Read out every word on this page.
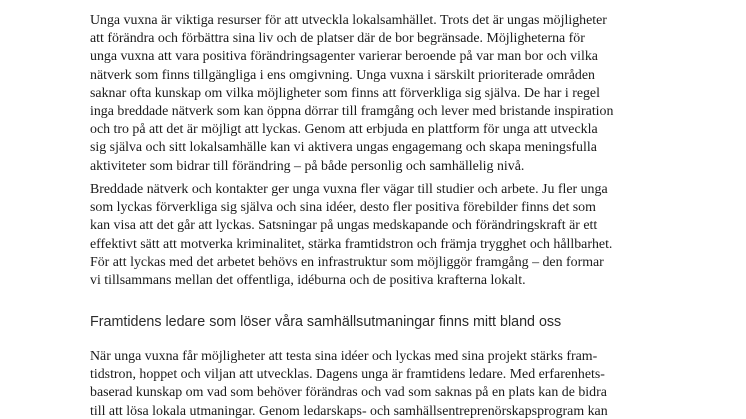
Unga vuxna är viktiga resurser för att utveckla lokalsamhället. Trots det är ungas möjligheter
att förändra och förbättra sina liv och de platser där de bor begränsade. Möjligheterna för
unga vuxna att vara positiva förändringsagenter varierar beroende på var man bor och vilka
nätverk som finns tillgängliga i ens omgivning. Unga vuxna i särskilt prioriterade områden
saknar ofta kunskap om vilka möjligheter som finns att förverkliga sig själva. De har i regel
inga breddade nätverk som kan öppna dörrar till framgång och lever med bristande inspiration
och tro på att det är möjligt att lyckas. Genom att erbjuda en plattform för unga att utveckla
sig själva och sitt lokalsamhälle kan vi aktivera ungas engagemang och skapa meningsfulla
aktiviteter som bidrar till förändring – på både personlig och samhällelig nivå.
Breddade nätverk och kontakter ger unga vuxna fler vägar till studier och arbete. Ju fler unga
som lyckas förverkliga sig själva och sina idéer, desto fler positiva förebilder finns det som
kan visa att det går att lyckas. Satsningar på ungas medskapande och förändringskraft är ett
effektivt sätt att motverka kriminalitet, stärka framtidstron och främja trygghet och hållbarhet.
För att lyckas med det arbetet behövs en infrastruktur som möjliggör framgång – den formar
vi tillsammans mellan det offentliga, idéburna och de positiva krafterna lokalt.
Framtidens ledare som löser våra samhällsutmaningar finns mitt bland oss
När unga vuxna får möjligheter att testa sina idéer och lyckas med sina projekt stärks fram-
tidstron, hoppet och viljan att utvecklas. Dagens unga är framtidens ledare. Med erfarenhets-
baserad kunskap om vad som behöver förändras och vad som saknas på en plats kan de bidra
till att lösa lokala utmaningar. Genom ledarskaps- och samhällsentreprenörskapsprogram kan
